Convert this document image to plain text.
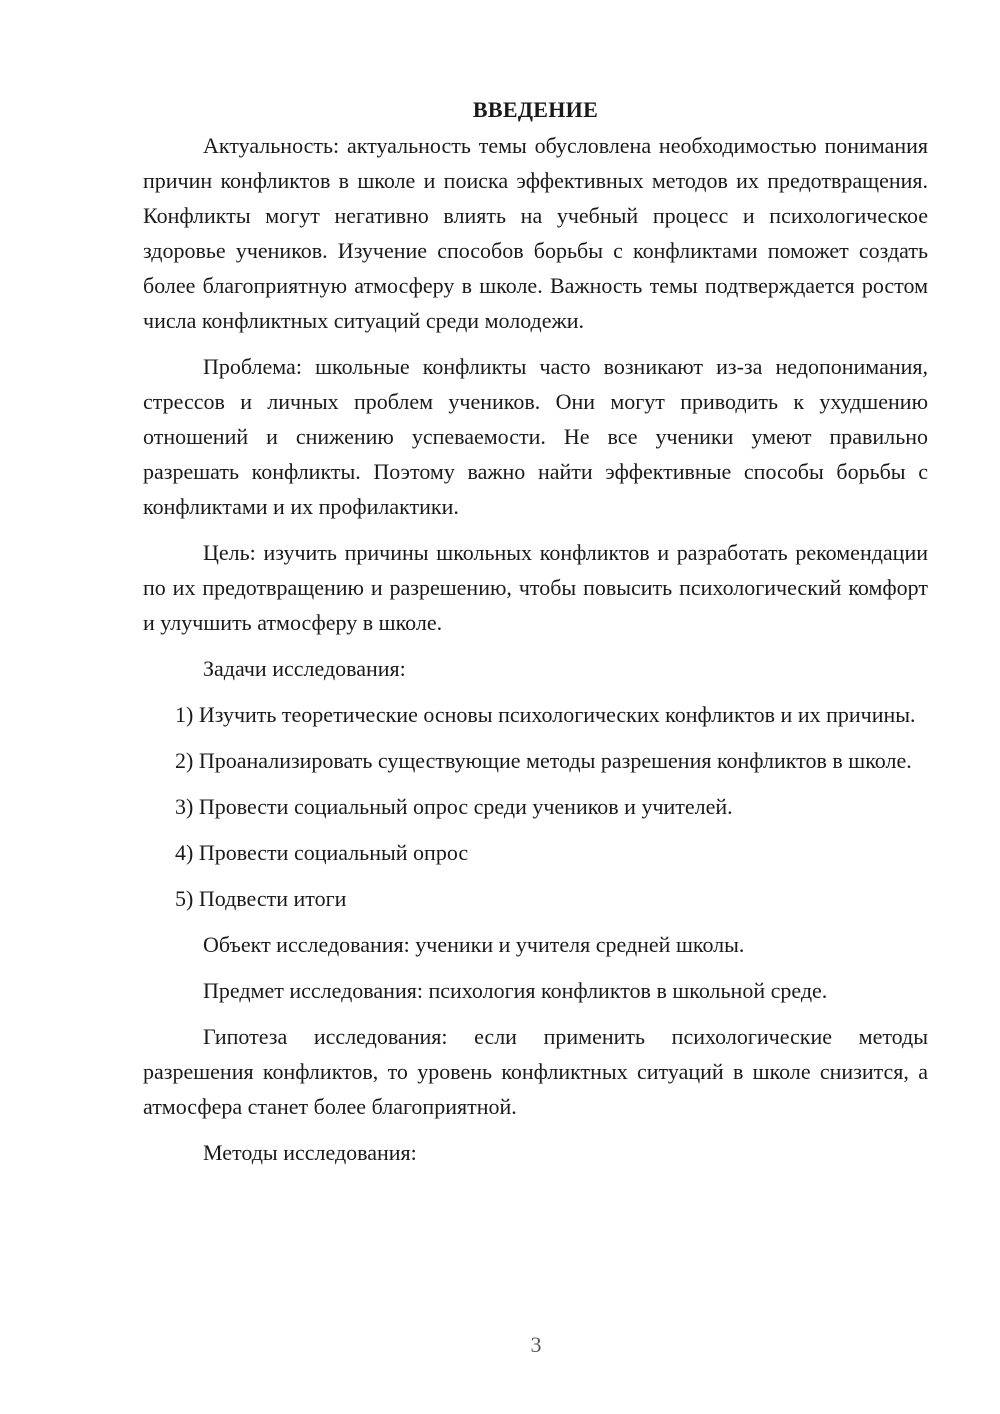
ВВЕДЕНИЕ

Актуальность: актуальность темы обусловлена необходимостью понимания причин конфликтов в школе и поиска эффективных методов их предотвращения. Конфликты могут негативно влиять на учебный процесс и психологическое здоровье учеников. Изучение способов борьбы с конфликтами поможет создать более благоприятную атмосферу в школе. Важность темы подтверждается ростом числа конфликтных ситуаций среди молодежи.

Проблема: школьные конфликты часто возникают из-за недопонимания, стрессов и личных проблем учеников. Они могут приводить к ухудшению отношений и снижению успеваемости. Не все ученики умеют правильно разрешать конфликты. Поэтому важно найти эффективные способы борьбы с конфликтами и их профилактики.

Цель: изучить причины школьных конфликтов и разработать рекомендации по их предотвращению и разрешению, чтобы повысить психологический комфорт и улучшить атмосферу в школе.

Задачи исследования:

1) Изучить теоретические основы психологических конфликтов и их причины.

2) Проанализировать существующие методы разрешения конфликтов в школе.

3) Провести социальный опрос среди учеников и учителей.

4) Провести социальный опрос

5) Подвести итоги

Объект исследования: ученики и учителя средней школы.

Предмет исследования: психология конфликтов в школьной среде.

Гипотеза исследования: если применить психологические методы разрешения конфликтов, то уровень конфликтных ситуаций в школе снизится, а атмосфера станет более благоприятной.

Методы исследования:

3
